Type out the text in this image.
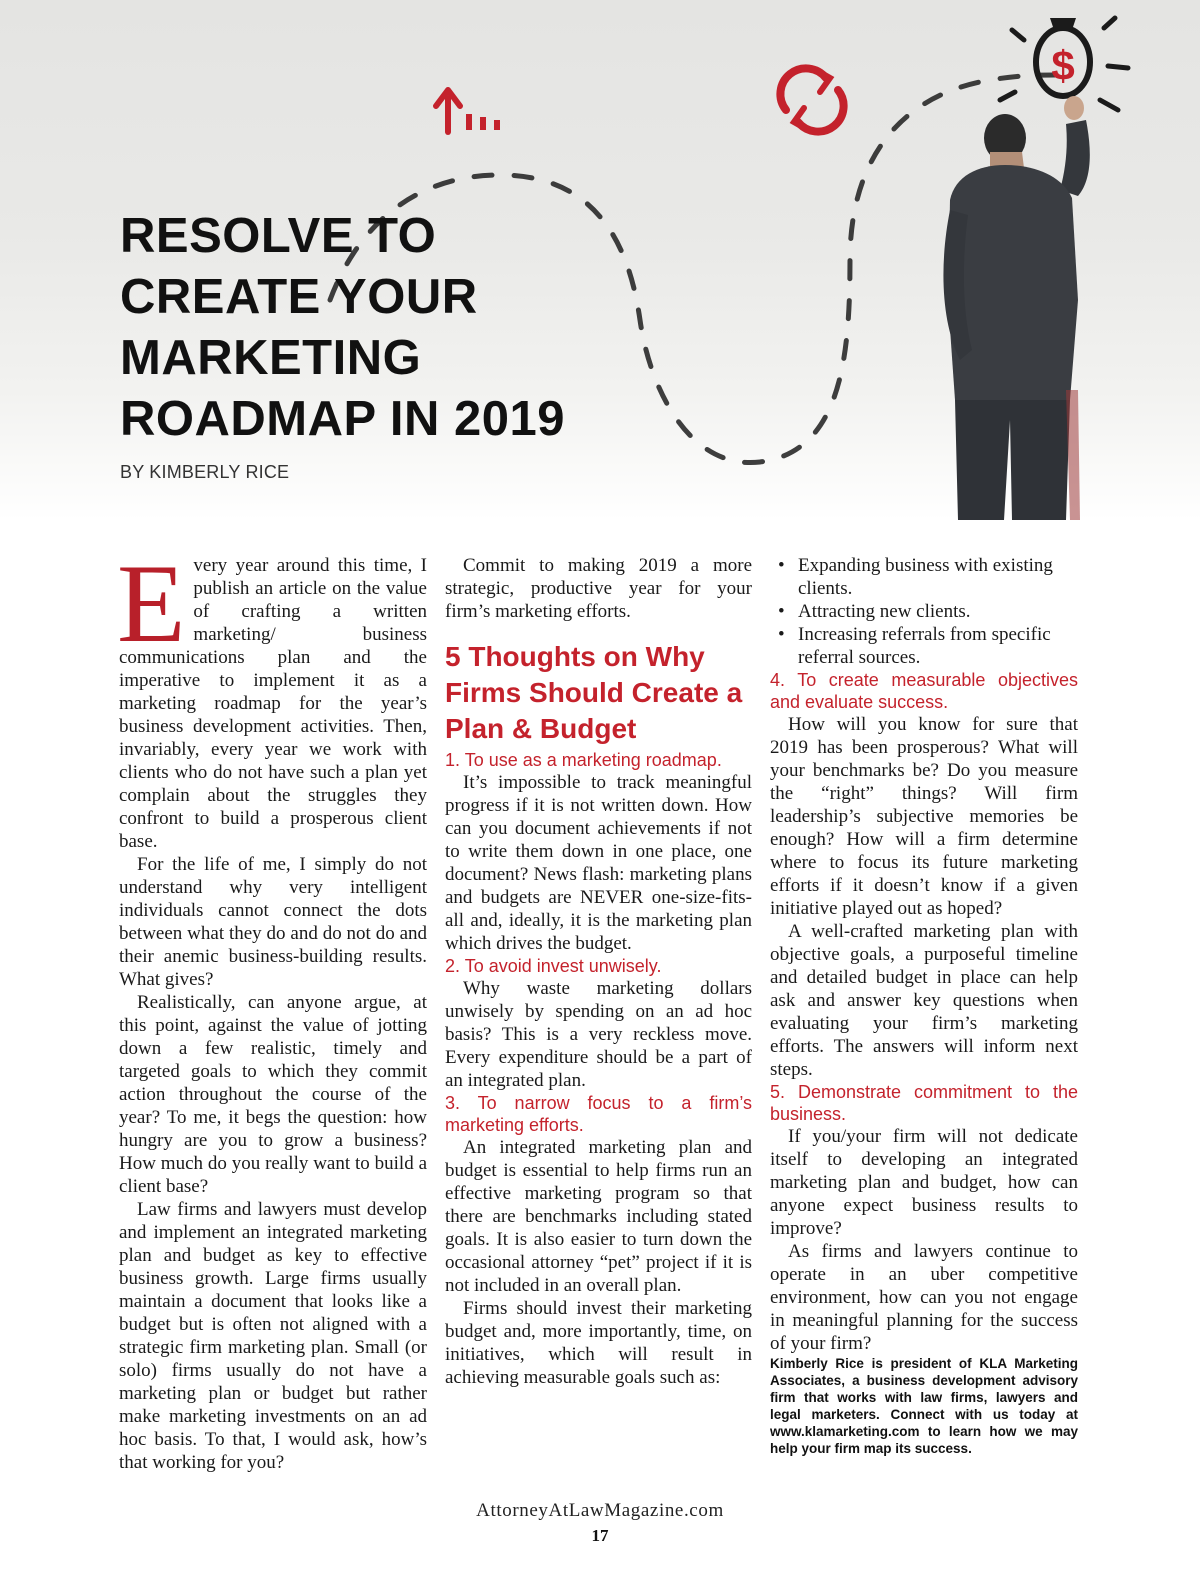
$
RESOLVE TO
CREATE YOUR
MARKETING
ROADMAP IN 2019

BY KIMBERLY RICE

E very year around this time, I publish an article on the value of crafting a written marketing/ business communications plan and the imperative to implement it as a marketing roadmap for the year’s business development activities. Then, invariably, every year we work with clients who do not have such a plan yet complain about the struggles they confront to build a prosperous client base.

For the life of me, I simply do not understand why very intelligent individuals cannot connect the dots between what they do and do not do and their anemic business-building results. What gives?

Realistically, can anyone argue, at this point, against the value of jotting down a few realistic, timely and targeted goals to which they commit action throughout the course of the year? To me, it begs the question: how hungry are you to grow a business? How much do you really want to build a client base?

Law firms and lawyers must develop and implement an integrated marketing plan and budget as key to effective business growth. Large firms usually maintain a document that looks like a budget but is often not aligned with a strategic firm marketing plan. Small (or solo) firms usually do not have a marketing plan or budget but rather make marketing investments on an ad hoc basis. To that, I would ask, how’s that working for you?

Commit to making 2019 a more strategic, productive year for your firm’s marketing efforts.

5 Thoughts on Why Firms Should Create a Plan & Budget

1. To use as a marketing roadmap.

It’s impossible to track meaningful progress if it is not written down. How can you document achievements if not to write them down in one place, one document? News flash: marketing plans and budgets are NEVER one-size-fits-all and, ideally, it is the marketing plan which drives the budget.

2. To avoid invest unwisely.

Why waste marketing dollars unwisely by spending on an ad hoc basis? This is a very reckless move. Every expenditure should be a part of an integrated plan.

3. To narrow focus to a firm’s marketing efforts.

An integrated marketing plan and budget is essential to help firms run an effective marketing program so that there are benchmarks including stated goals. It is also easier to turn down the occasional attorney “pet” project if it is not included in an overall plan.

Firms should invest their marketing budget and, more importantly, time, on initiatives, which will result in achieving measurable goals such as:

• Expanding business with existing clients.
• Attracting new clients.
• Increasing referrals from specific referral sources.

4. To create measurable objectives and evaluate success.

How will you know for sure that 2019 has been prosperous? What will your benchmarks be? Do you measure the “right” things? Will firm leadership’s subjective memories be enough? How will a firm determine where to focus its future marketing efforts if it doesn’t know if a given initiative played out as hoped?

A well-crafted marketing plan with objective goals, a purposeful timeline and detailed budget in place can help ask and answer key questions when evaluating your firm’s marketing efforts. The answers will inform next steps.

5. Demonstrate commitment to the business.

If you/your firm will not dedicate itself to developing an integrated marketing plan and budget, how can anyone expect business results to improve?

As firms and lawyers continue to operate in an uber competitive environment, how can you not engage in meaningful planning for the success of your firm?

Kimberly Rice is president of KLA Marketing Associates, a business development advisory firm that works with law firms, lawyers and legal marketers. Connect with us today at www.klamarketing.com to learn how we may help your firm map its success.

AttorneyAtLawMagazine.com

17
